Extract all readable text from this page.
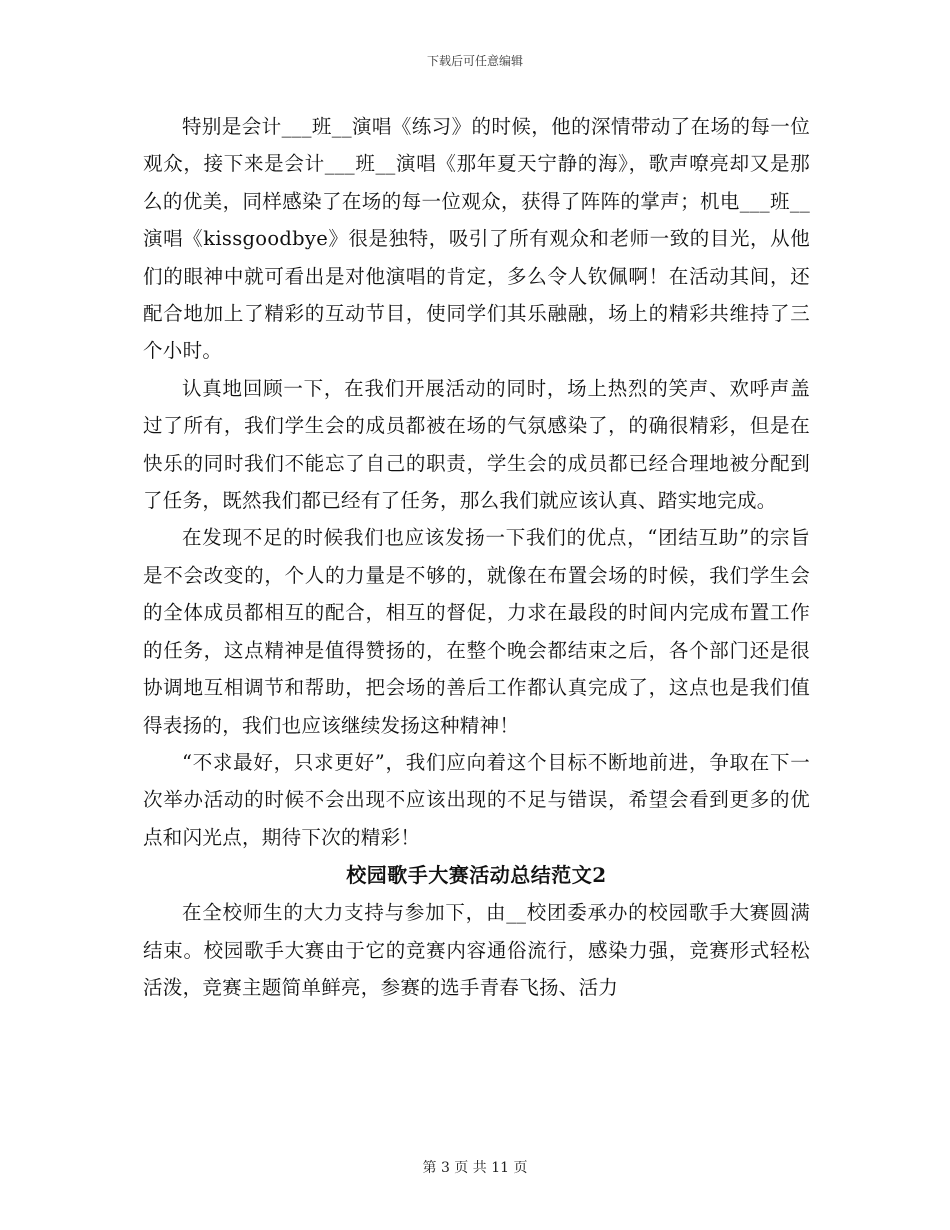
下载后可任意编辑

特别是会计___班__演唱《练习》的时候，他的深情带动了在场的每一位观众，接下来是会计___班__演唱《那年夏天宁静的海》，歌声嘹亮却又是那么的优美，同样感染了在场的每一位观众，获得了阵阵的掌声；机电___班__演唱《kissgoodbye》很是独特，吸引了所有观众和老师一致的目光，从他们的眼神中就可看出是对他演唱的肯定，多么令人钦佩啊！在活动其间，还配合地加上了精彩的互动节目，使同学们其乐融融，场上的精彩共维持了三个小时。

认真地回顾一下，在我们开展活动的同时，场上热烈的笑声、欢呼声盖过了所有，我们学生会的成员都被在场的气氛感染了，的确很精彩，但是在快乐的同时我们不能忘了自己的职责，学生会的成员都已经合理地被分配到了任务，既然我们都已经有了任务，那么我们就应该认真、踏实地完成。

在发现不足的时候我们也应该发扬一下我们的优点，“团结互助”的宗旨是不会改变的，个人的力量是不够的，就像在布置会场的时候，我们学生会的全体成员都相互的配合，相互的督促，力求在最段的时间内完成布置工作的任务，这点精神是值得赞扬的，在整个晚会都结束之后，各个部门还是很协调地互相调节和帮助，把会场的善后工作都认真完成了，这点也是我们值得表扬的，我们也应该继续发扬这种精神！

“不求最好，只求更好”，我们应向着这个目标不断地前进，争取在下一次举办活动的时候不会出现不应该出现的不足与错误，希望会看到更多的优点和闪光点，期待下次的精彩！

校园歌手大赛活动总结范文2

在全校师生的大力支持与参加下，由__校团委承办的校园歌手大赛圆满结束。校园歌手大赛由于它的竞赛内容通俗流行，感染力强，竞赛形式轻松活泼，竞赛主题简单鲜亮，参赛的选手青春飞扬、活力

第 3 页 共 11 页
